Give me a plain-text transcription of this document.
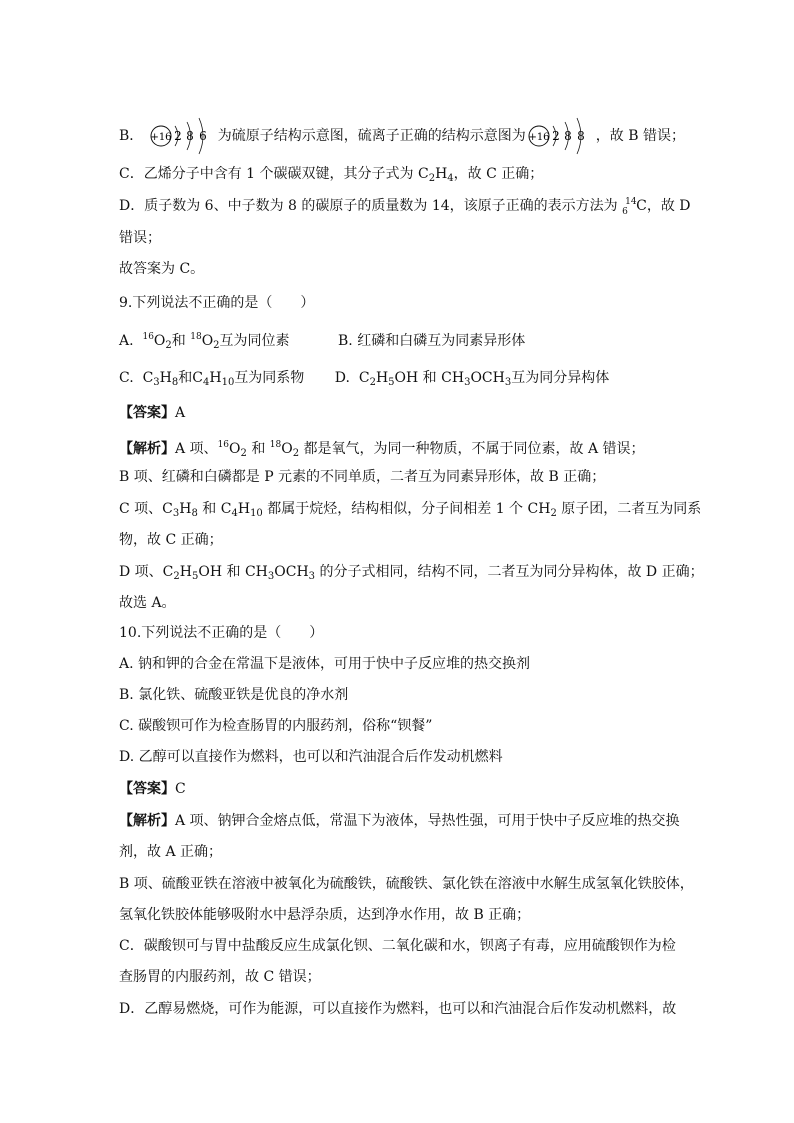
B． +16 2 8 6 为硫原子结构示意图，硫离子正确的结构示意图为 +16 2 8 8 ，故 B 错误；
C．乙烯分子中含有 1 个碳碳双键，其分子式为 $C_2H_4$，故 C 正确；
D．质子数为 6、中子数为 8 的碳原子的质量数为 14，该原子正确的表示方法为 6
14 C，故 D
错误；
故答案为 C。
9.下列说法不正确的是（　　）
A. $^{16}O_2$和 $^{18}O_2$互为同位素	B. 红磷和白磷互为同素异形体
C. $C_3H_8$和$C_4H_{10}$互为同系物 D. $C_2H_5OH$ 和 $CH_3OCH_3$互为同分异构体
【答案】A
【解析】A 项、$^{16}O_2$ 和 $^{18}O_2$ 都是氧气，为同一种物质，不属于同位素，故 A 错误；
B 项、红磷和白磷都是 P 元素的不同单质，二者互为同素异形体，故 B 正确；
C 项、$C_3H_8$ 和 $C_4H_{10}$ 都属于烷烃，结构相似，分子间相差 1 个 $CH_2$ 原子团，二者互为同系
物，故 C 正确；
D 项、$C_2H_5OH$ 和 $CH_3OCH_3$ 的分子式相同，结构不同，二者互为同分异构体，故 D 正确；
故选 A。
10.下列说法不正确的是（　　）
A. 钠和钾的合金在常温下是液体，可用于快中子反应堆的热交换剂
B. 氯化铁、硫酸亚铁是优良的净水剂
C. 碳酸钡可作为检查肠胃的内服药剂，俗称“钡餐”
D. 乙醇可以直接作为燃料，也可以和汽油混合后作发动机燃料
【答案】C
【解析】A 项、钠钾合金熔点低，常温下为液体，导热性强，可用于快中子反应堆的热交换
剂，故 A 正确；
B 项、硫酸亚铁在溶液中被氧化为硫酸铁，硫酸铁、氯化铁在溶液中水解生成氢氧化铁胶体，
氢氧化铁胶体能够吸附水中悬浮杂质，达到净水作用，故 B 正确；
C．碳酸钡可与胃中盐酸反应生成氯化钡、二氧化碳和水，钡离子有毒，应用硫酸钡作为检
查肠胃的内服药剂，故 C 错误；
D．乙醇易燃烧，可作为能源，可以直接作为燃料，也可以和汽油混合后作发动机燃料，故
